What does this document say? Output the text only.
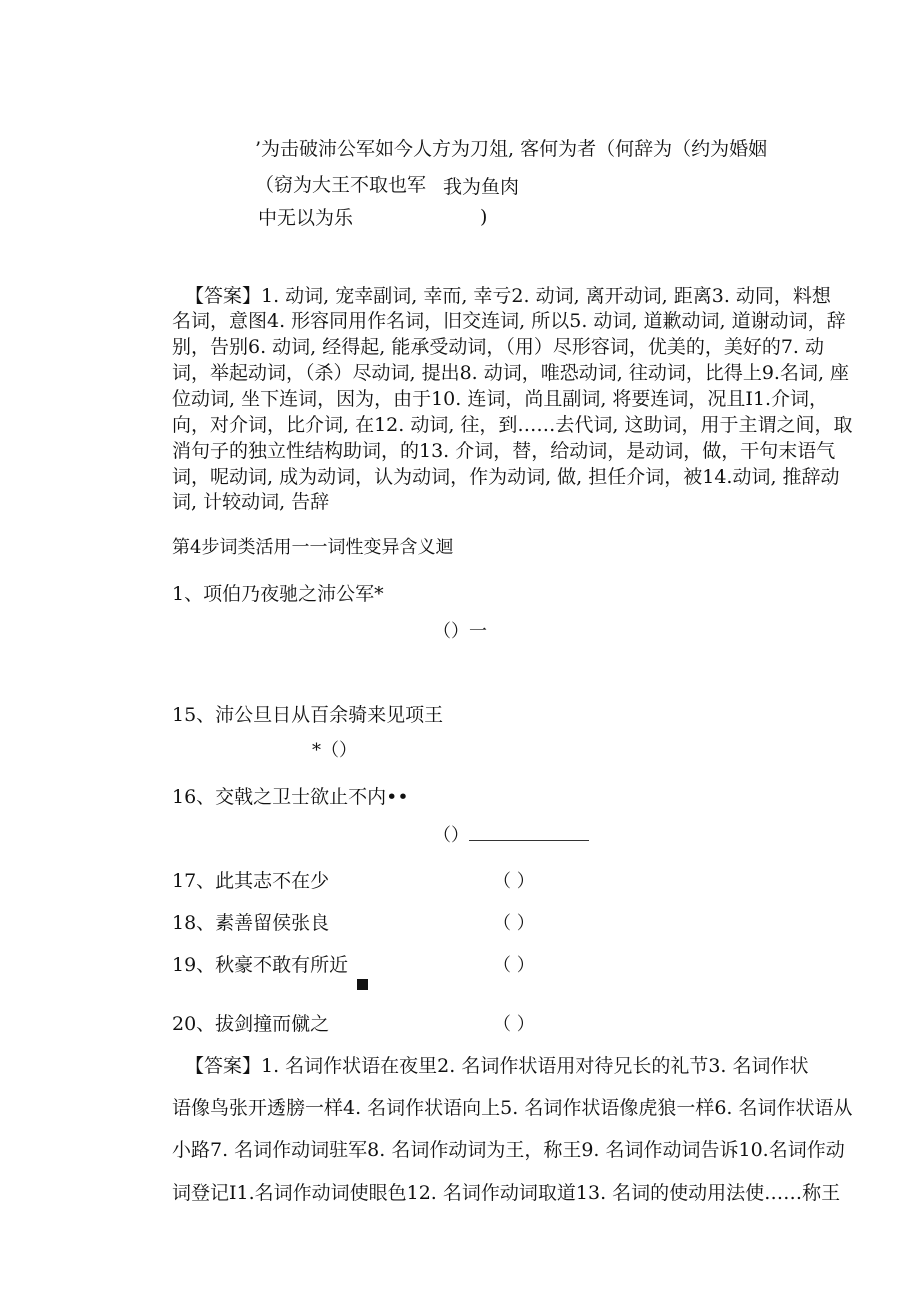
’为击破沛公军如今人方为刀俎, 客何为者（何辞为（约为婚姻
（窃为大王不取也军 我为鱼肉
中无以为乐	)
【答案】1. 动词, 宠幸副词, 幸而, 幸亏2. 动词, 离开动词, 距离3. 动同，料想
名词，意图4. 形容同用作名词，旧交连词, 所以5. 动词, 道歉动词, 道谢动词，辞
别，告别6. 动词, 经得起, 能承受动词，（用）尽形容词，优美的，美好的7. 动
词，举起动词，（杀）尽动词, 提出8. 动词，唯恐动词, 往动词，比得上9.名词, 座
位动词, 坐下连词，因为，由于10. 连词，尚且副词, 将要连词，况且I1.介词，
向，对介词，比介词, 在12. 动词, 往，到……去代词, 这助词，用于主谓之间，取
消句子的独立性结构助词，的13. 介词，替，给动词，是动词，做，干句末语气
词，呢动词, 成为动词，认为动词，作为动词, 做, 担任介词，被14.动词, 推辞动
词, 计较动词, 告辞
第4步词类活用一一词性变异含义迴
1、项伯乃夜驰之沛公军*
（）一
15、沛公旦日从百余骑来见项王
*（）
16、交戟之卫士欲止不内••
（）
17、此其志不在少	（ ）
18、素善留侯张良	（ ）
19、秋豪不敢有所近	（ ）
20、拔剑撞而僦之	（ ）
【答案】1. 名词作状语在夜里2. 名词作状语用对待兄长的礼节3. 名词作状
语像鸟张开透膀一样4. 名词作状语向上5. 名词作状语像虎狼一样6. 名词作状语从
小路7. 名词作动词驻军8. 名词作动词为王，称王9. 名词作动词告诉10.名词作动
词登记I1.名词作动词使眼色12. 名词作动词取道13. 名词的使动用法使……称王
